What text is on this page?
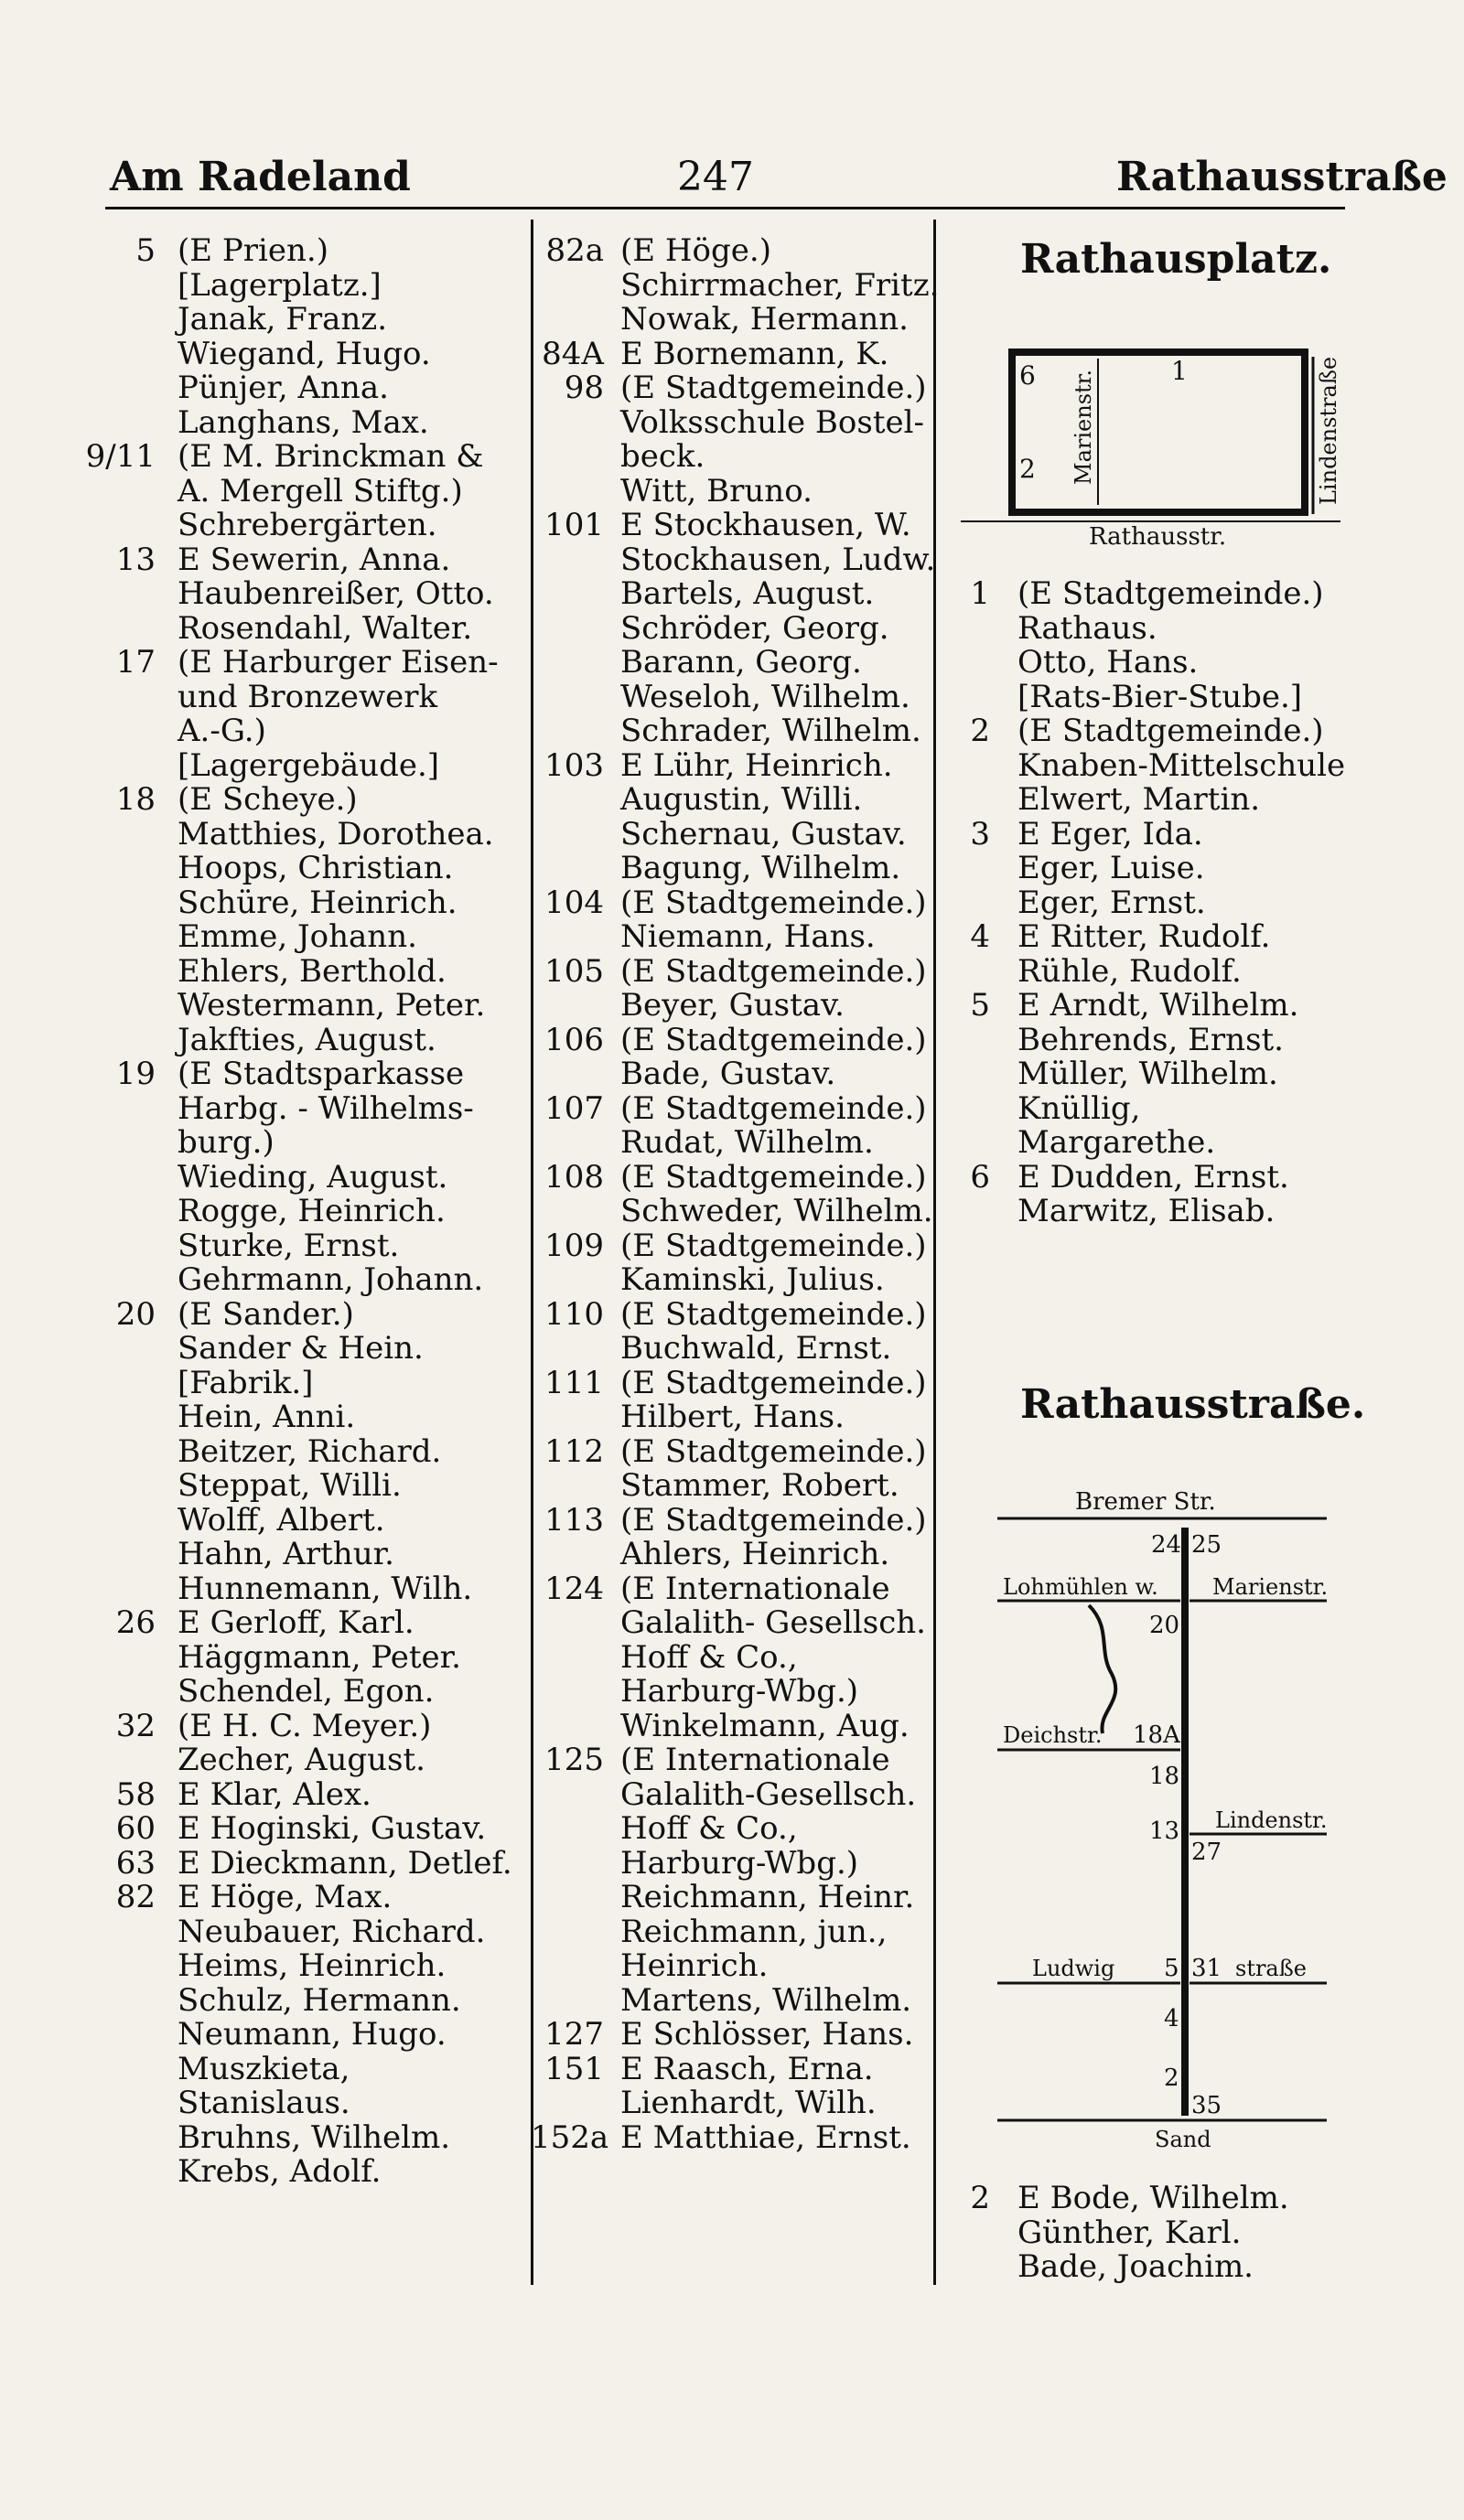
Am Radeland	247	Rathausstraße
5 (E Prien.)
[Lagerplatz.]
Janak, Franz.
Wiegand, Hugo.
Pünjer, Anna.
Langhans, Max.
9/11 (E M. Brinckman &
A. Mergell Stiftg.)
Schrebergärten.
13 E Sewerin, Anna.
Haubenreißer, Otto.
Rosendahl, Walter.
17 (E Harburger Eisen-
und Bronzewerk
A.-G.)
[Lagergebäude.]
18 (E Scheye.)
Matthies, Dorothea.
Hoops, Christian.
Schüre, Heinrich.
Emme, Johann.
Ehlers, Berthold.
Westermann, Peter.
Jakfties, August.
19 (E Stadtsparkasse
Harbg. - Wilhelms-
burg.)
Wieding, August.
Rogge, Heinrich.
Sturke, Ernst.
Gehrmann, Johann.
20 (E Sander.)
Sander & Hein.
[Fabrik.]
Hein, Anni.
Beitzer, Richard.
Steppat, Willi.
Wolff, Albert.
Hahn, Arthur.
Hunnemann, Wilh.
26 E Gerloff, Karl.
Häggmann, Peter.
Schendel, Egon.
32 (E H. C. Meyer.)
Zecher, August.
58 E Klar, Alex.
60 E Hoginski, Gustav.
63 E Dieckmann, Detlef.
82 E Höge, Max.
Neubauer, Richard.
Heims, Heinrich.
Schulz, Hermann.
Neumann, Hugo.
Muszkieta,
Stanislaus.
Bruhns, Wilhelm.
Krebs, Adolf.
82a (E Höge.)
Schirrmacher, Fritz.
Nowak, Hermann.
84A E Bornemann, K.
98 (E Stadtgemeinde.)
Volksschule Bostel-
beck.
Witt, Bruno.
101 E Stockhausen, W.
Stockhausen, Ludw.
Bartels, August.
Schröder, Georg.
Barann, Georg.
Weseloh, Wilhelm.
Schrader, Wilhelm.
103 E Lühr, Heinrich.
Augustin, Willi.
Schernau, Gustav.
Bagung, Wilhelm.
104 (E Stadtgemeinde.)
Niemann, Hans.
105 (E Stadtgemeinde.)
Beyer, Gustav.
106 (E Stadtgemeinde.)
Bade, Gustav.
107 (E Stadtgemeinde.)
Rudat, Wilhelm.
108 (E Stadtgemeinde.)
Schweder, Wilhelm.
109 (E Stadtgemeinde.)
Kaminski, Julius.
110 (E Stadtgemeinde.)
Buchwald, Ernst.
111 (E Stadtgemeinde.)
Hilbert, Hans.
112 (E Stadtgemeinde.)
Stammer, Robert.
113 (E Stadtgemeinde.)
Ahlers, Heinrich.
124 (E Internationale
Galalith- Gesellsch.
Hoff & Co.,
Harburg-Wbg.)
Winkelmann, Aug.
125 (E Internationale
Galalith-Gesellsch.
Hoff & Co.,
Harburg-Wbg.)
Reichmann, Heinr.
Reichmann, jun.,
Heinrich.
Martens, Wilhelm.
127 E Schlösser, Hans.
151 E Raasch, Erna.
Lienhardt, Wilh.
152a E Matthiae, Ernst.
Rathausplatz.
6	1
2 Marienstr.	Lindenstraße
Rathausstr.
1 (E Stadtgemeinde.)
Rathaus.
Otto, Hans.
[Rats-Bier-Stube.]
2 (E Stadtgemeinde.)
Knaben-Mittelschule
Elwert, Martin.
3 E Eger, Ida.
Eger, Luise.
Eger, Ernst.
4 E Ritter, Rudolf.
Rühle, Rudolf.
5 E Arndt, Wilhelm.
Behrends, Ernst.
Müller, Wilhelm.
Knüllig,
Margarethe.
6 E Dudden, Ernst.
Marwitz, Elisab.
Rathausstraße.
Bremer Str.
24 25
Lohmühlen w. Marienstr.
20
Deichstr. 18A
18
Lindenstr.
13
27
Ludwig 5 31 straße
4
2
35
Sand
2 E Bode, Wilhelm.
Günther, Karl.
Bade, Joachim.
